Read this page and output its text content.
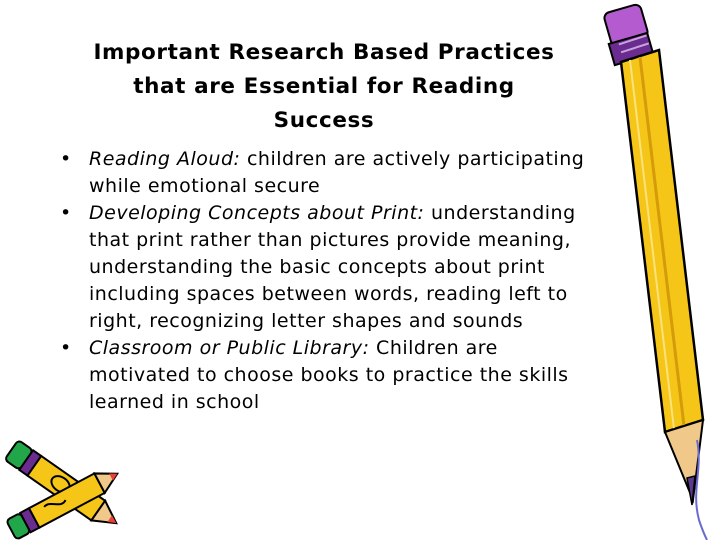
Important Research Based Practices
that are Essential for Reading
Success
• Reading Aloud: children are actively participating
while emotional secure
• Developing Concepts about Print: understanding
that print rather than pictures provide meaning,
understanding the basic concepts about print
including spaces between words, reading left to
right, recognizing letter shapes and sounds
• Classroom or Public Library: Children are
motivated to choose books to practice the skills
learned in school
